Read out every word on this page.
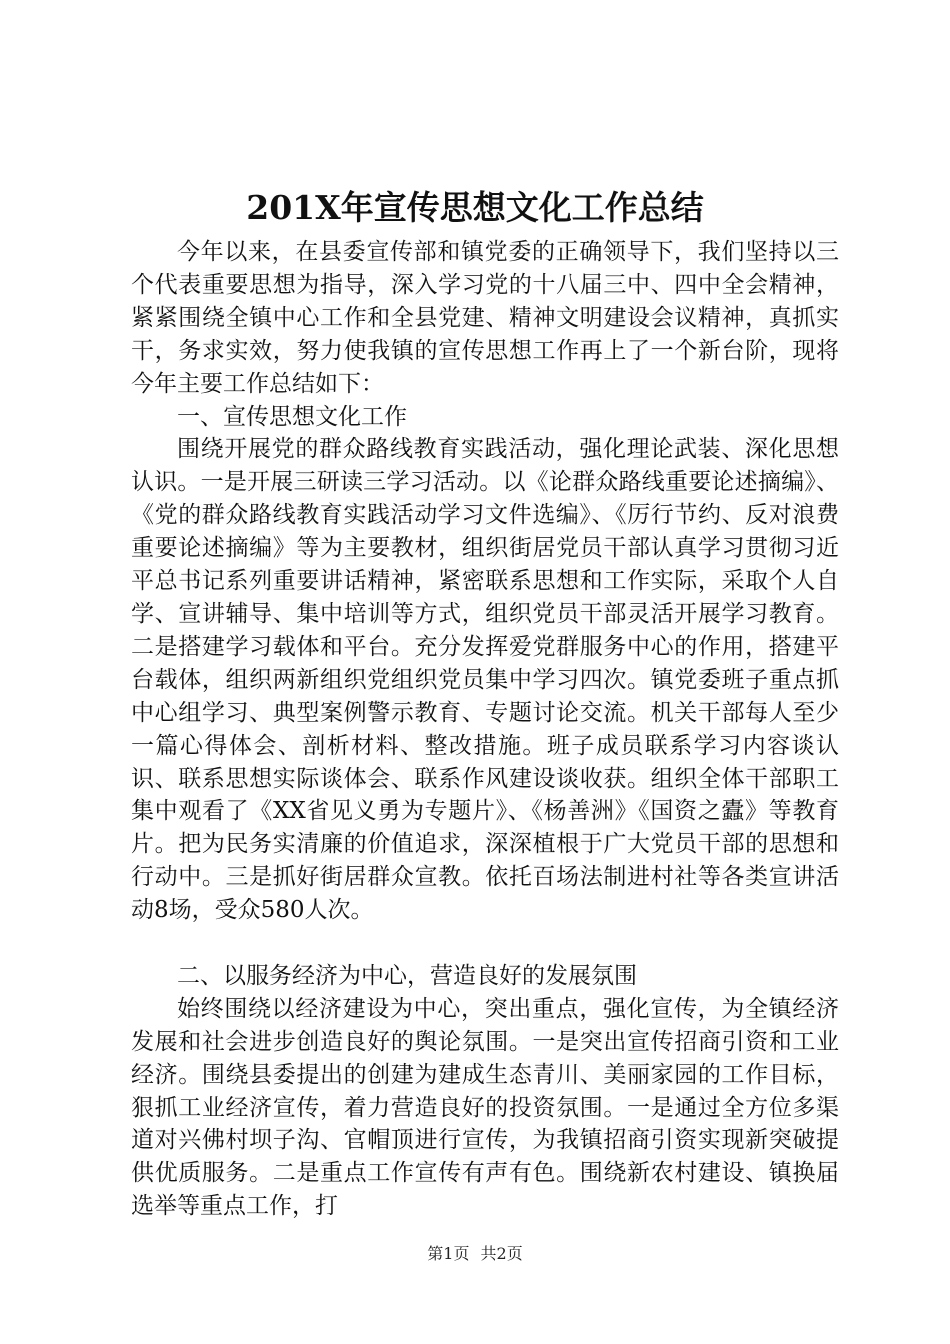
201X年宣传思想文化工作总结

今年以来，在县委宣传部和镇党委的正确领导下，我们坚持以三个代表重要思想为指导，深入学习党的十八届三中、四中全会精神，紧紧围绕全镇中心工作和全县党建、精神文明建设会议精神，真抓实干，务求实效，努力使我镇的宣传思想工作再上了一个新台阶，现将今年主要工作总结如下：

一、宣传思想文化工作

围绕开展党的群众路线教育实践活动，强化理论武装、深化思想认识。一是开展三研读三学习活动。以《论群众路线重要论述摘编》、《党的群众路线教育实践活动学习文件选编》、《厉行节约、反对浪费重要论述摘编》等为主要教材，组织街居党员干部认真学习贯彻习近平总书记系列重要讲话精神，紧密联系思想和工作实际，采取个人自学、宣讲辅导、集中培训等方式，组织党员干部灵活开展学习教育。二是搭建学习载体和平台。充分发挥爱党群服务中心的作用，搭建平台载体，组织两新组织党组织党员集中学习四次。镇党委班子重点抓中心组学习、典型案例警示教育、专题讨论交流。机关干部每人至少一篇心得体会、剖析材料、整改措施。班子成员联系学习内容谈认识、联系思想实际谈体会、联系作风建设谈收获。组织全体干部职工集中观看了《XX省见义勇为专题片》、《杨善洲》《国资之蠹》等教育片。把为民务实清廉的价值追求，深深植根于广大党员干部的思想和行动中。三是抓好街居群众宣教。依托百场法制进村社等各类宣讲活动8场，受众580人次。

二、以服务经济为中心，营造良好的发展氛围

始终围绕以经济建设为中心，突出重点，强化宣传，为全镇经济发展和社会进步创造良好的舆论氛围。一是突出宣传招商引资和工业经济。围绕县委提出的创建为建成生态青川、美丽家园的工作目标，狠抓工业经济宣传，着力营造良好的投资氛围。一是通过全方位多渠道对兴佛村坝子沟、官帽顶进行宣传，为我镇招商引资实现新突破提供优质服务。二是重点工作宣传有声有色。围绕新农村建设、镇换届选举等重点工作，打

第1页 共2页
